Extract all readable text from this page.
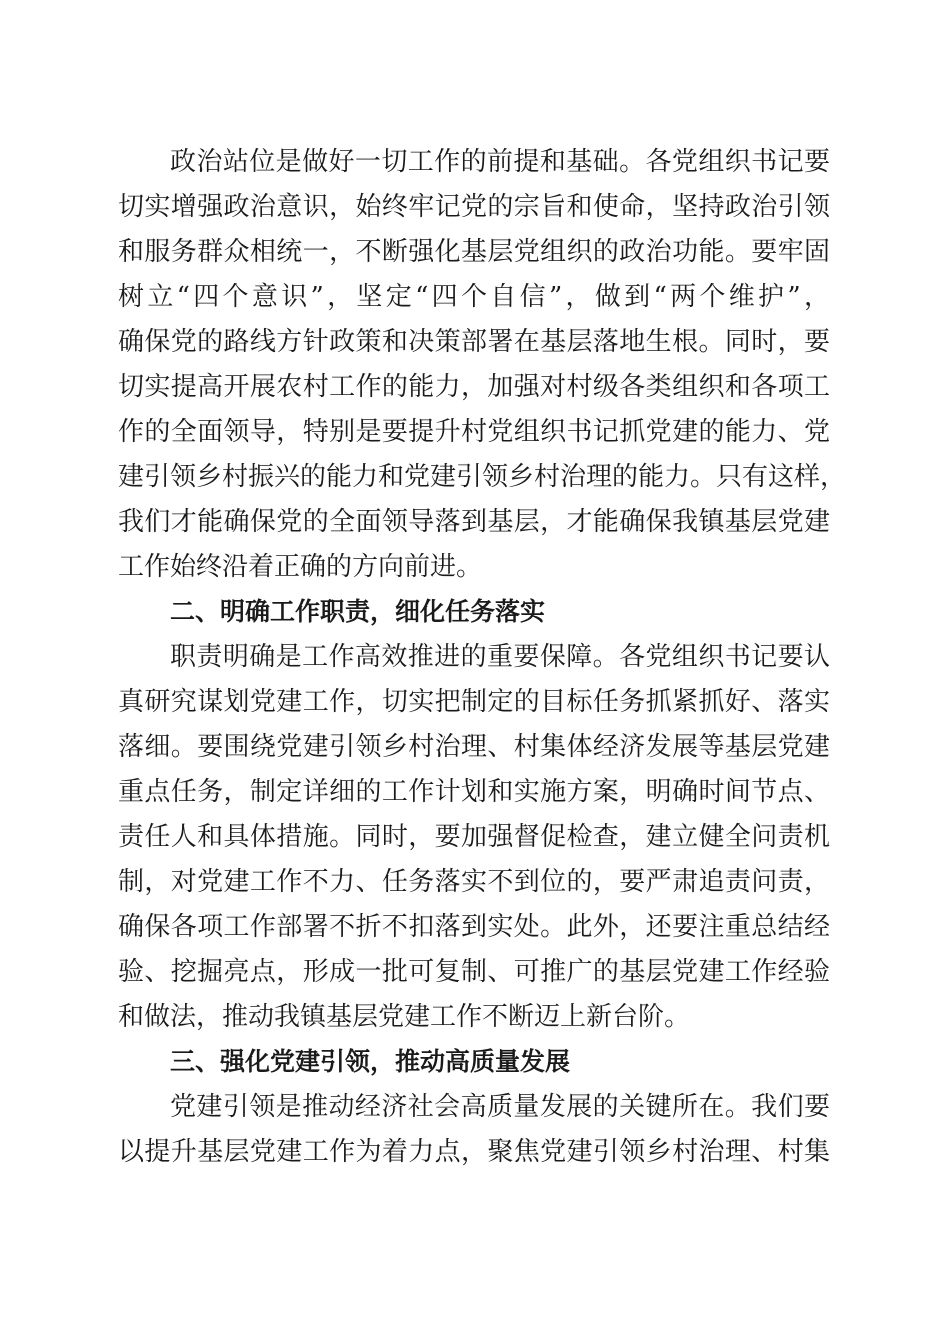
政治站位是做好一切工作的前提和基础。各党组织书记要
切实增强政治意识，始终牢记党的宗旨和使命，坚持政治引领
和服务群众相统一，不断强化基层党组织的政治功能。要牢固
树立“四个意识”，坚定“四个自信”，做到“两个维护”，
确保党的路线方针政策和决策部署在基层落地生根。同时，要
切实提高开展农村工作的能力，加强对村级各类组织和各项工
作的全面领导，特别是要提升村党组织书记抓党建的能力、党
建引领乡村振兴的能力和党建引领乡村治理的能力。只有这样，
我们才能确保党的全面领导落到基层，才能确保我镇基层党建
工作始终沿着正确的方向前进。
二、明确工作职责，细化任务落实
职责明确是工作高效推进的重要保障。各党组织书记要认
真研究谋划党建工作，切实把制定的目标任务抓紧抓好、落实
落细。要围绕党建引领乡村治理、村集体经济发展等基层党建
重点任务，制定详细的工作计划和实施方案，明确时间节点、
责任人和具体措施。同时，要加强督促检查，建立健全问责机
制，对党建工作不力、任务落实不到位的，要严肃追责问责，
确保各项工作部署不折不扣落到实处。此外，还要注重总结经
验、挖掘亮点，形成一批可复制、可推广的基层党建工作经验
和做法，推动我镇基层党建工作不断迈上新台阶。
三、强化党建引领，推动高质量发展
党建引领是推动经济社会高质量发展的关键所在。我们要
以提升基层党建工作为着力点，聚焦党建引领乡村治理、村集
